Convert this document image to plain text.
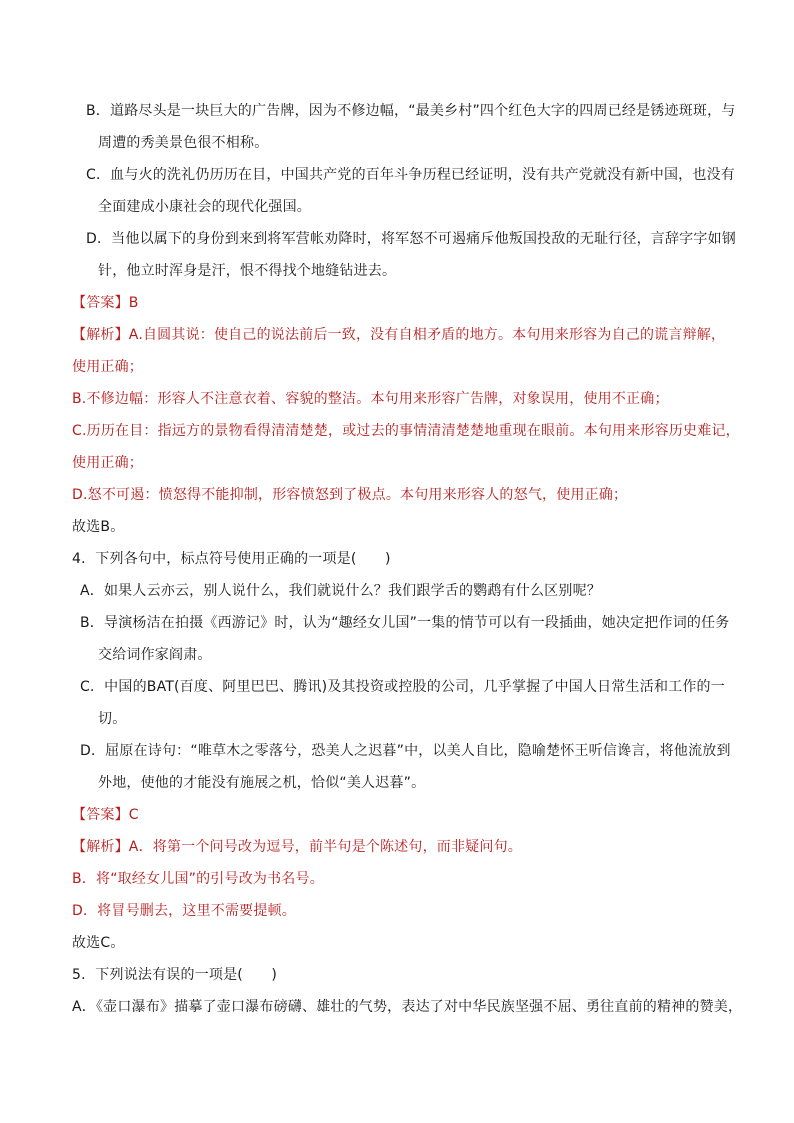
B．道路尽头是一块巨大的广告牌，因为不修边幅，“最美乡村”四个红色大字的四周已经是锈迹斑斑，与
周遭的秀美景色很不相称。
C．血与火的洗礼仍历历在目，中国共产党的百年斗争历程已经证明，没有共产党就没有新中国，也没有
全面建成小康社会的现代化强国。
D．当他以属下的身份到来到将军营帐劝降时，将军怒不可遏痛斥他叛国投敌的无耻行径，言辞字字如钢
针，他立时浑身是汗，恨不得找个地缝钻进去。
【答案】B
【解析】A.自圆其说：使自己的说法前后一致，没有自相矛盾的地方。本句用来形容为自己的谎言辩解，
使用正确；
B.不修边幅：形容人不注意衣着、容貌的整洁。本句用来形容广告牌，对象误用，使用不正确；
C.历历在目：指远方的景物看得清清楚楚，或过去的事情清清楚楚地重现在眼前。本句用来形容历史难记，
使用正确；
D.怒不可遏：愤怒得不能抑制，形容愤怒到了极点。本句用来形容人的怒气，使用正确；
故选B。
4．下列各句中，标点符号使用正确的一项是(　　)
A．如果人云亦云，别人说什么，我们就说什么？我们跟学舌的鹦鹉有什么区别呢？
B．导演杨洁在拍摄《西游记》时，认为“趣经女儿国”一集的情节可以有一段插曲，她决定把作词的任务
交给词作家阎肃。
C．中国的BAT(百度、阿里巴巴、腾讯)及其投资或控股的公司，几乎掌握了中国人日常生活和工作的一
切。
D．屈原在诗句：“唯草木之零落兮，恐美人之迟暮”中，以美人自比，隐喻楚怀王听信谗言，将他流放到
外地，使他的才能没有施展之机，恰似“美人迟暮”。
【答案】C
【解析】A．将第一个问号改为逗号，前半句是个陈述句，而非疑问句。
B．将“取经女儿国”的引号改为书名号。
D．将冒号删去，这里不需要提顿。
故选C。
5．下列说法有误的一项是(　　)
A．《壶口瀑布》描摹了壶口瀑布磅礴、雄壮的气势，表达了对中华民族坚强不屈、勇往直前的精神的赞美，
